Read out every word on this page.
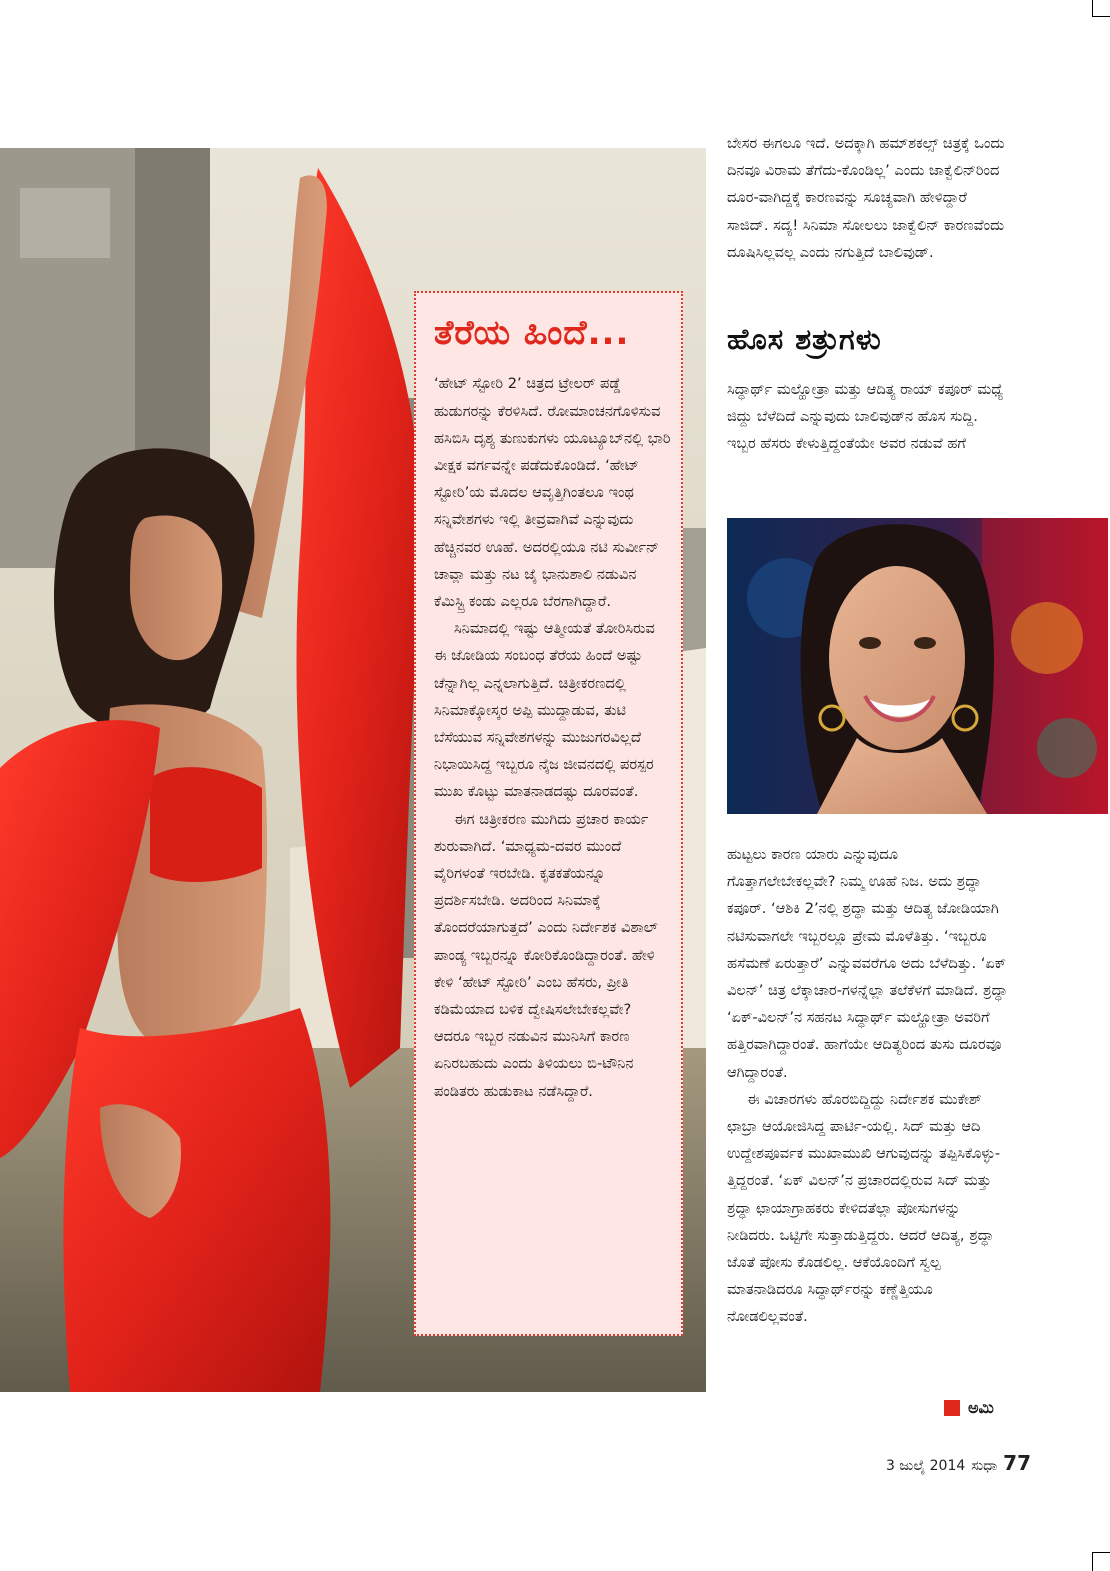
ತೆರೆಯ ಹಿಂದೆ...

‘ಹೇಟ್ ಸ್ಟೋರಿ 2’ ಚಿತ್ರದ ಟ್ರೇಲರ್ ಪಡ್ಡೆ ಹುಡುಗರನ್ನು ಕೆರಳಿಸಿದೆ. ರೋಮಾಂಚನಗೊಳಿಸುವ ಹಸಿಬಿಸಿ ದೃಶ್ಯ ತುಣುಕುಗಳು ಯೂಟ್ಯೂಬ್‌ನಲ್ಲಿ ಭಾರಿ ವೀಕ್ಷಕ ವರ್ಗವನ್ನೇ ಪಡೆದುಕೊಂಡಿದೆ. ‘ಹೇಟ್ ಸ್ಟೋರಿ’ಯ ಮೊದಲ ಆವೃತ್ತಿಗಿಂತಲೂ ಇಂಥ ಸನ್ನಿವೇಶಗಳು ಇಲ್ಲಿ ತೀವ್ರವಾಗಿವೆ ಎನ್ನುವುದು ಹೆಚ್ಚಿನವರ ಊಹೆ. ಅದರಲ್ಲಿಯೂ ನಟಿ ಸುರ್ವೀನ್ ಚಾವ್ಲಾ ಮತ್ತು ನಟ ಜೈ ಭಾನುಶಾಲಿ ನಡುವಿನ ಕೆಮಿಸ್ಟ್ರಿ ಕಂಡು ಎಲ್ಲರೂ ಬೆರಗಾಗಿದ್ದಾರೆ.

ಸಿನಿಮಾದಲ್ಲಿ ಇಷ್ಟು ಆತ್ಮೀಯತೆ ತೋರಿಸಿರುವ ಈ ಜೋಡಿಯ ಸಂಬಂಧ ತೆರೆಯ ಹಿಂದೆ ಅಷ್ಟು ಚೆನ್ನಾಗಿಲ್ಲ ಎನ್ನಲಾಗುತ್ತಿದೆ. ಚಿತ್ರೀಕರಣದಲ್ಲಿ ಸಿನಿಮಾಕ್ಕೋಸ್ಕರ ಅಪ್ಪಿ ಮುದ್ದಾಡುವ, ತುಟಿ ಬೆಸೆಯುವ ಸನ್ನಿವೇಶಗಳನ್ನು ಮುಜುಗರವಿಲ್ಲದೆ ನಿಭಾಯಿಸಿದ್ದ ಇಬ್ಬರೂ ನೈಜ ಜೀವನದಲ್ಲಿ ಪರಸ್ಪರ ಮುಖ ಕೊಟ್ಟು ಮಾತನಾಡದಷ್ಟು ದೂರವಂತೆ.

ಈಗ ಚಿತ್ರೀಕರಣ ಮುಗಿದು ಪ್ರಚಾರ ಕಾರ್ಯ ಶುರುವಾಗಿದೆ. ‘ಮಾಧ್ಯಮ-ದವರ ಮುಂದೆ ವೈರಿಗಳಂತೆ ಇರಬೇಡಿ. ಕೃತಕತೆಯನ್ನೂ ಪ್ರದರ್ಶಿಸಬೇಡಿ. ಅದರಿಂದ ಸಿನಿಮಾಕ್ಕೆ ತೊಂದರೆಯಾಗುತ್ತದೆ’ ಎಂದು ನಿರ್ದೇಶಕ ವಿಶಾಲ್ ಪಾಂಡ್ಯ ಇಬ್ಬರನ್ನೂ ಕೋರಿಕೊಂಡಿದ್ದಾರಂತೆ. ಹೇಳಿ ಕೇಳಿ ‘ಹೇಟ್ ಸ್ಟೋರಿ’ ಎಂಬ ಹೆಸರು, ಪ್ರೀತಿ ಕಡಿಮೆಯಾದ ಬಳಿಕ ದ್ವೇಷಿಸಲೇಬೇಕಲ್ಲವೇ? ಆದರೂ ಇಬ್ಬರ ನಡುವಿನ ಮುನಿಸಿಗೆ ಕಾರಣ ಏನಿರಬಹುದು ಎಂದು ತಿಳಿಯಲು ಬಿ-ಟೌನಿನ ಪಂಡಿತರು ಹುಡುಕಾಟ ನಡೆಸಿದ್ದಾರೆ.

ಬೇಸರ ಈಗಲೂ ಇದೆ. ಅದಕ್ಕಾಗಿ ಹಮ್‌ಶಕಲ್ಸ್ ಚಿತ್ರಕ್ಕೆ ಒಂದು ದಿನವೂ ವಿರಾಮ ತೆಗೆದು-ಕೊಂಡಿಲ್ಲ’ ಎಂದು ಜಾಕ್ವೆಲಿನ್‌ರಿಂದ ದೂರ-ವಾಗಿದ್ದಕ್ಕೆ ಕಾರಣವನ್ನು ಸೂಚ್ಯವಾಗಿ ಹೇಳಿದ್ದಾರೆ ಸಾಜಿದ್. ಸದ್ಯ! ಸಿನಿಮಾ ಸೋಲಲು ಜಾಕ್ವೆಲಿನ್ ಕಾರಣವೆಂದು ದೂಷಿಸಿಲ್ಲವಲ್ಲ ಎಂದು ನಗುತ್ತಿದೆ ಬಾಲಿವುಡ್.

ಹೊಸ ಶತ್ರುಗಳು

ಸಿದ್ಧಾರ್ಥ್ ಮಲ್ಹೋತ್ರಾ ಮತ್ತು ಆದಿತ್ಯ ರಾಯ್ ಕಪೂರ್ ಮಧ್ಯೆ ಜಿದ್ದು ಬೆಳೆದಿದೆ ಎನ್ನುವುದು ಬಾಲಿವುಡ್‌ನ ಹೊಸ ಸುದ್ದಿ. ಇಬ್ಬರ ಹೆಸರು ಕೇಳುತ್ತಿದ್ದಂತೆಯೇ ಅವರ ನಡುವೆ ಹಗೆ

ಹುಟ್ಟಲು ಕಾರಣ ಯಾರು ಎನ್ನುವುದೂ ಗೊತ್ತಾಗಲೇಬೇಕಲ್ಲವೇ? ನಿಮ್ಮ ಊಹೆ ನಿಜ. ಅದು ಶ್ರದ್ಧಾ ಕಪೂರ್. ‘ಆಶಿಕಿ 2’ನಲ್ಲಿ ಶ್ರದ್ಧಾ ಮತ್ತು ಆದಿತ್ಯ ಜೋಡಿಯಾಗಿ ನಟಿಸುವಾಗಲೇ ಇಬ್ಬರಲ್ಲೂ ಪ್ರೇಮ ಮೊಳೆತಿತ್ತು. ‘ಇಬ್ಬರೂ ಹಸೆಮಣೆ ಏರುತ್ತಾರೆ’ ಎನ್ನುವವರೆಗೂ ಅದು ಬೆಳೆದಿತ್ತು. ‘ಏಕ್ ವಿಲನ್’ ಚಿತ್ರ ಲೆಕ್ಕಾಚಾರ-ಗಳನ್ನೆಲ್ಲಾ ತಲೆಕೆಳಗೆ ಮಾಡಿದೆ. ಶ್ರದ್ಧಾ ‘ಏಕ್-ವಿಲನ್’ನ ಸಹನಟ ಸಿದ್ಧಾರ್ಥ್ ಮಲ್ಹೋತ್ರಾ ಅವರಿಗೆ ಹತ್ತಿರವಾಗಿದ್ದಾರಂತೆ. ಹಾಗೆಯೇ ಆದಿತ್ಯರಿಂದ ತುಸು ದೂರವೂ ಆಗಿದ್ದಾರಂತೆ.

ಈ ವಿಚಾರಗಳು ಹೊರಬಿದ್ದಿದ್ದು ನಿರ್ದೇಶಕ ಮುಕೇಶ್ ಛಾಬ್ರಾ ಆಯೋಜಿಸಿದ್ದ ಪಾರ್ಟಿ-ಯಲ್ಲಿ. ಸಿದ್ ಮತ್ತು ಆದಿ ಉದ್ದೇಶಪೂರ್ವಕ ಮುಖಾಮುಖಿ ಆಗುವುದನ್ನು ತಪ್ಪಿಸಿಕೊಳ್ಳು-ತ್ತಿದ್ದರಂತೆ. ‘ಏಕ್ ವಿಲನ್’ನ ಪ್ರಚಾರದಲ್ಲಿರುವ ಸಿದ್ ಮತ್ತು ಶ್ರದ್ಧಾ ಛಾಯಾಗ್ರಾಹಕರು ಕೇಳಿದತೆಲ್ಲಾ ಪೋಸುಗಳನ್ನು ನೀಡಿದರು. ಒಟ್ಟಿಗೇ ಸುತ್ತಾಡುತ್ತಿದ್ದರು. ಆದರೆ ಆದಿತ್ಯ, ಶ್ರದ್ಧಾ ಜೊತೆ ಪೋಸು ಕೊಡಲಿಲ್ಲ. ಆಕೆಯೊಂದಿಗೆ ಸ್ವಲ್ಪ ಮಾತನಾಡಿದರೂ ಸಿದ್ಧಾರ್ಥ್‌ರನ್ನು ಕಣ್ಣೆತ್ತಿಯೂ ನೋಡಲಿಲ್ಲವಂತೆ.

ಅಮಿ
3 ಜುಲೈ 2014 ಸುಧಾ 77
